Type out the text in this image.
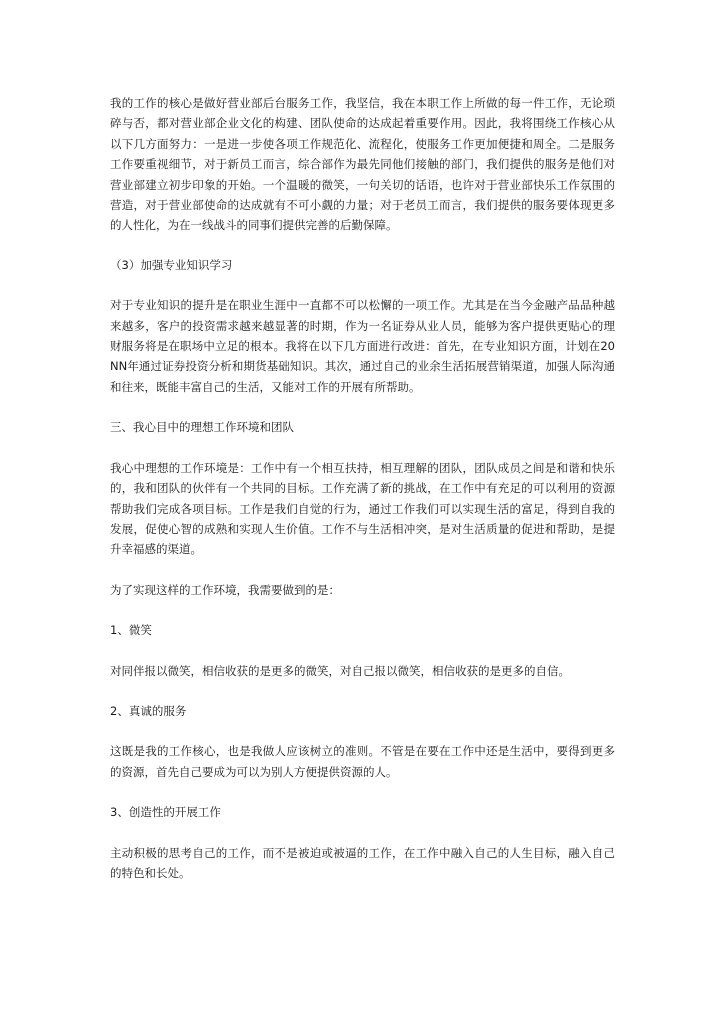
我的工作的核心是做好营业部后台服务工作，我坚信，我在本职工作上所做的每一件工作，无论琐碎与否，都对营业部企业文化的构建、团队使命的达成起着重要作用。因此，我将围绕工作核心从以下几方面努力：一是进一步使各项工作规范化、流程化，使服务工作更加便捷和周全。二是服务工作要重视细节，对于新员工而言，综合部作为最先同他们接触的部门，我们提供的服务是他们对营业部建立初步印象的开始。一个温暖的微笑，一句关切的话语，也许对于营业部快乐工作氛围的营造，对于营业部使命的达成就有不可小觑的力量；对于老员工而言，我们提供的服务要体现更多的人性化，为在一线战斗的同事们提供完善的后勤保障。

（3）加强专业知识学习

对于专业知识的提升是在职业生涯中一直都不可以松懈的一项工作。尤其是在当今金融产品品种越来越多，客户的投资需求越来越显著的时期，作为一名证券从业人员，能够为客户提供更贴心的理财服务将是在职场中立足的根本。我将在以下几方面进行改进：首先，在专业知识方面，计划在20NN年通过证券投资分析和期货基础知识。其次，通过自己的业余生活拓展营销渠道，加强人际沟通和往来，既能丰富自己的生活，又能对工作的开展有所帮助。

三、我心目中的理想工作环境和团队

我心中理想的工作环境是：工作中有一个相互扶持，相互理解的团队，团队成员之间是和谐和快乐的，我和团队的伙伴有一个共同的目标。工作充满了新的挑战，在工作中有充足的可以利用的资源帮助我们完成各项目标。工作是我们自觉的行为，通过工作我们可以实现生活的富足，得到自我的发展，促使心智的成熟和实现人生价值。工作不与生活相冲突，是对生活质量的促进和帮助，是提升幸福感的渠道。

为了实现这样的工作环境，我需要做到的是：

1、微笑

对同伴报以微笑，相信收获的是更多的微笑，对自己报以微笑，相信收获的是更多的自信。

2、真诚的服务

这既是我的工作核心，也是我做人应该树立的准则。不管是在要在工作中还是生活中，要得到更多的资源，首先自己要成为可以为别人方便提供资源的人。

3、创造性的开展工作

主动积极的思考自己的工作，而不是被迫或被逼的工作，在工作中融入自己的人生目标，融入自己的特色和长处。
